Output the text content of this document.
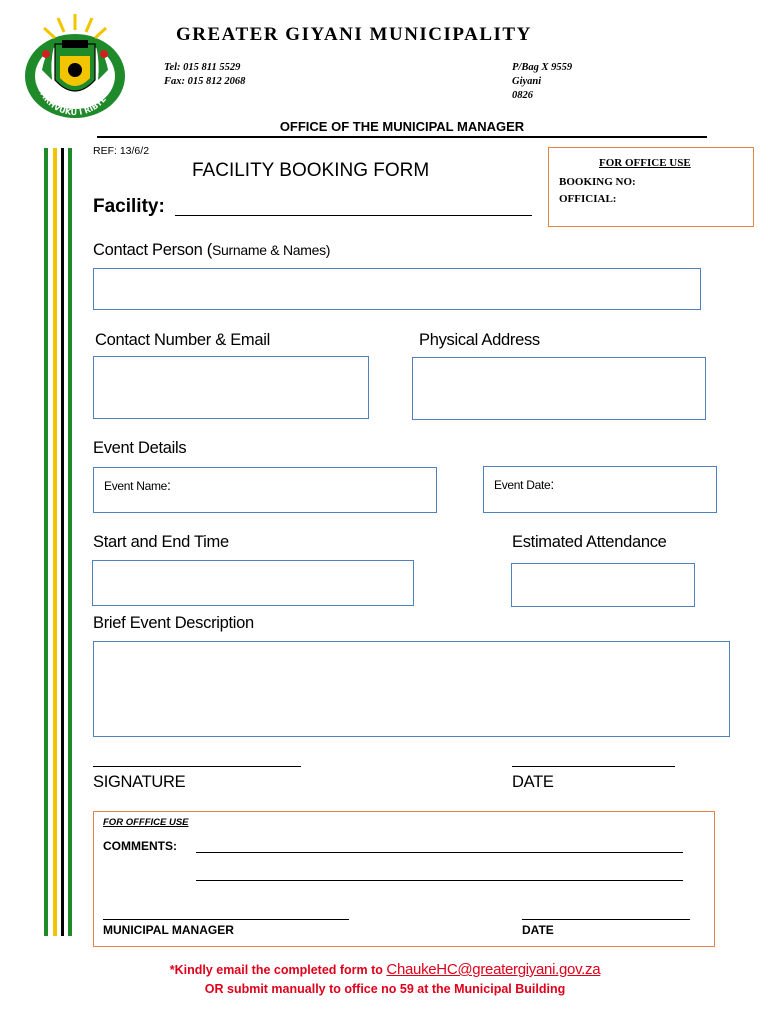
NTIRHVUKU I RIBYE
GREATER GIYANI MUNICIPALITY
Tel: 015 811 5529
Fax: 015 812 2068
P/Bag X 9559
Giyani
0826
OFFICE OF THE MUNICIPAL MANAGER
REF: 13/6/2
FACILITY BOOKING FORM
Facility:
FOR OFFICE USE
BOOKING NO:
OFFICIAL:
Contact Person (Surname & Names)
Contact Number & Email	Physical Address
Event Details
Event Name:	Event Date:
Start and End Time	Estimated Attendance
Brief Event Description
SIGNATURE	DATE
FOR OFFFICE USE
COMMENTS:
MUNICIPAL MANAGER	DATE
*Kindly email the completed form to ChaukeHC@greatergiyani.gov.za
OR submit manually to office no 59 at the Municipal Building
